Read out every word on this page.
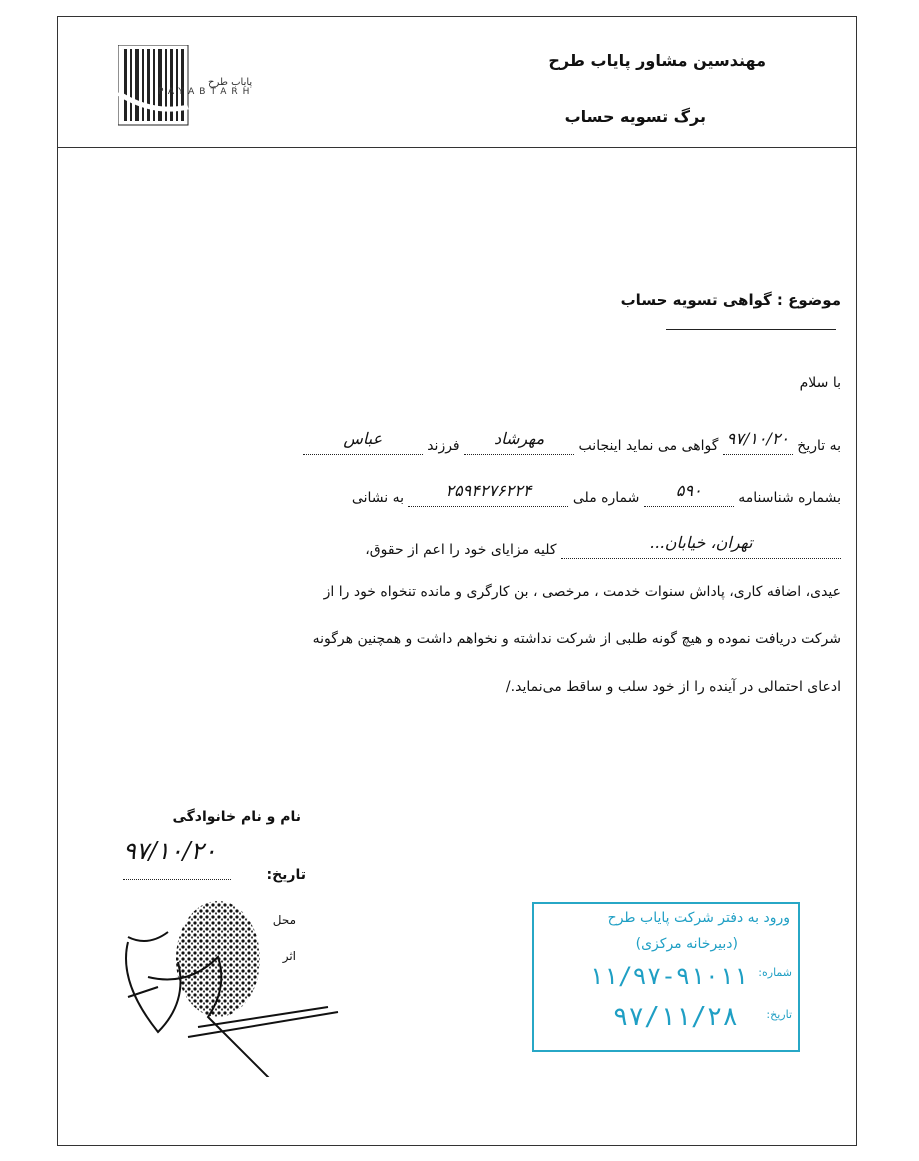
پایاب طرح
PAYABTARH
مهندسین مشاور پایاب طرح
برگ تسویه حساب
موضوع : گواهی تسویه حساب
با سلام
به تاریخ ۹۷/۱۰/۲۰ گواهی می نماید اینجانب مهرشاد فرزند عباس
بشماره شناسنامه ۵۹۰ شماره ملی ۲۵۹۴۲۷۶۲۲۴ به نشانی
تهران، خیابان... کلیه مزایای خود را اعم از حقوق،
عیدی، اضافه کاری، پاداش سنوات خدمت ، مرخصی ، بن کارگری و مانده تنخواه خود را از
شرکت دریافت نموده و هیچ گونه طلبی از شرکت نداشته و نخواهم داشت و همچنین هرگونه
ادعای احتمالی در آینده را از خود سلب و ساقط می‌نماید./
نام و نام خانوادگی
۹۷/۱۰/۲۰
تاریخ:
محل
اثر
ورود به دفتر شرکت پایاب طرح
(دبیرخانه مرکزی)
شماره:
۱۱/۹۷-۹۱۰۱۱
تاریخ:
۹۷/۱۱/۲۸
